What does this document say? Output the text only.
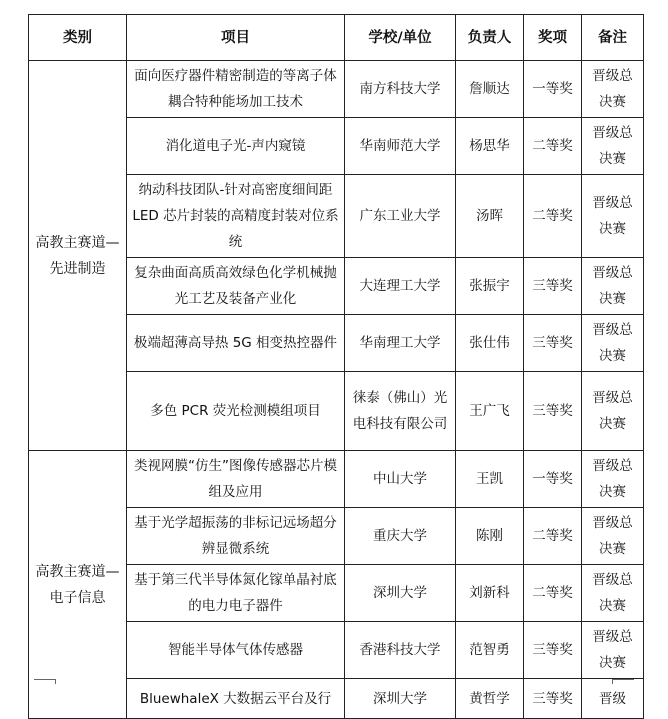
类别	项目	学校/单位	负责人	奖项	备注
高教主赛道—先进制造	面向医疗器件精密制造的等离子体耦合特种能场加工技术	南方科技大学	詹顺达	一等奖	晋级总决赛
	消化道电子光-声内窥镜	华南师范大学	杨思华	二等奖	晋级总决赛
	纳动科技团队-针对高密度细间距 LED 芯片封装的高精度封装对位系统	广东工业大学	汤晖	二等奖	晋级总决赛
	复杂曲面高质高效绿色化学机械抛光工艺及装备产业化	大连理工大学	张振宇	三等奖	晋级总决赛
	极端超薄高导热 5G 相变热控器件	华南理工大学	张仕伟	三等奖	晋级总决赛
	多色 PCR 荧光检测模组项目	徕泰（佛山）光电科技有限公司	王广飞	三等奖	晋级总决赛
高教主赛道—电子信息	类视网膜“仿生”图像传感器芯片模组及应用	中山大学	王凯	一等奖	晋级总决赛
	基于光学超振荡的非标记远场超分辨显微系统	重庆大学	陈刚	二等奖	晋级总决赛
	基于第三代半导体氮化镓单晶衬底的电力电子器件	深圳大学	刘新科	二等奖	晋级总决赛
	智能半导体气体传感器	香港科技大学	范智勇	三等奖	晋级总决赛
	BluewhaleX 大数据云平台及行	深圳大学	黄哲学	三等奖	晋级
